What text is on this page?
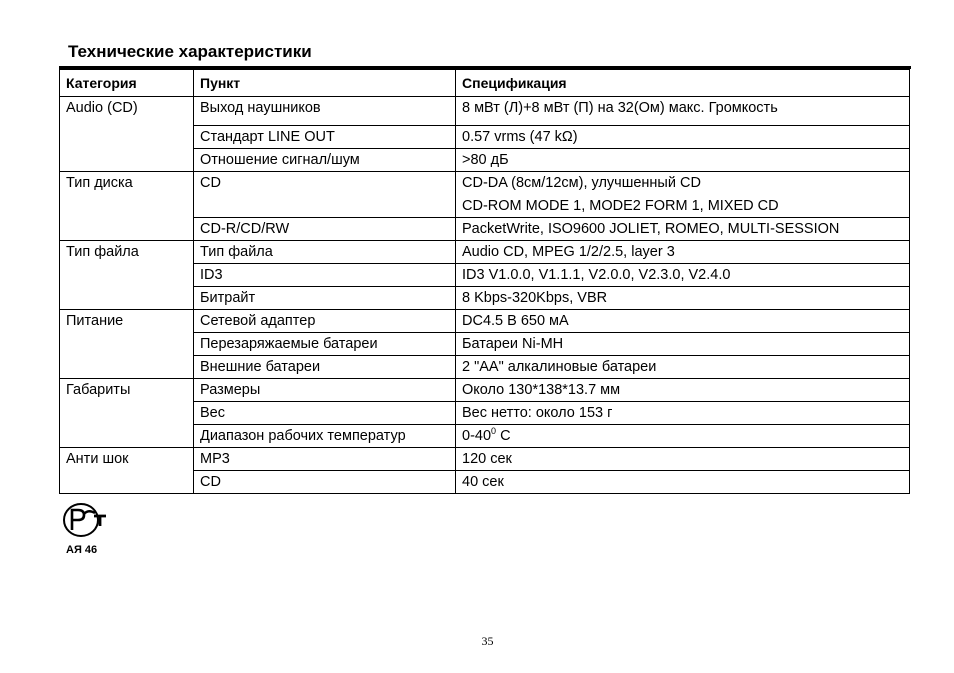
Технические характеристики
Категория	Пункт	Спецификация
Audio (CD)	Выход наушников	8 мВт (Л)+8 мВт (П) на 32(Ом) макс. Громкость
	Стандарт LINE OUT	0.57 vrms (47 kΩ)
	Отношение сигнал/шум	>80 дБ
Тип диска	CD	CD-DA (8см/12см), улучшенный CD
		CD-ROM MODE 1, MODE2 FORM 1, MIXED CD
	CD-R/CD/RW	PacketWrite, ISO9600 JOLIET, ROMEO, MULTI-SESSION
Тип файла	Тип файла	Audio CD, MPEG 1/2/2.5, layer 3
	ID3	ID3 V1.0.0, V1.1.1, V2.0.0, V2.3.0, V2.4.0
	Битрайт	8 Kbps-320Kbps, VBR
Питание	Сетевой адаптер	DC4.5 В 650 мА
	Перезаряжаемые батареи	Батареи Ni-MH
	Внешние батареи	2 "AA" алкалиновые батареи
Габариты	Размеры	Около 130*138*13.7 мм
	Вес	Вес нетто: около 153 г
	Диапазон рабочих температур	$0-40^0$ C
Анти шок	MP3	120 сек
	CD	40 сек
АЯ 46
35
